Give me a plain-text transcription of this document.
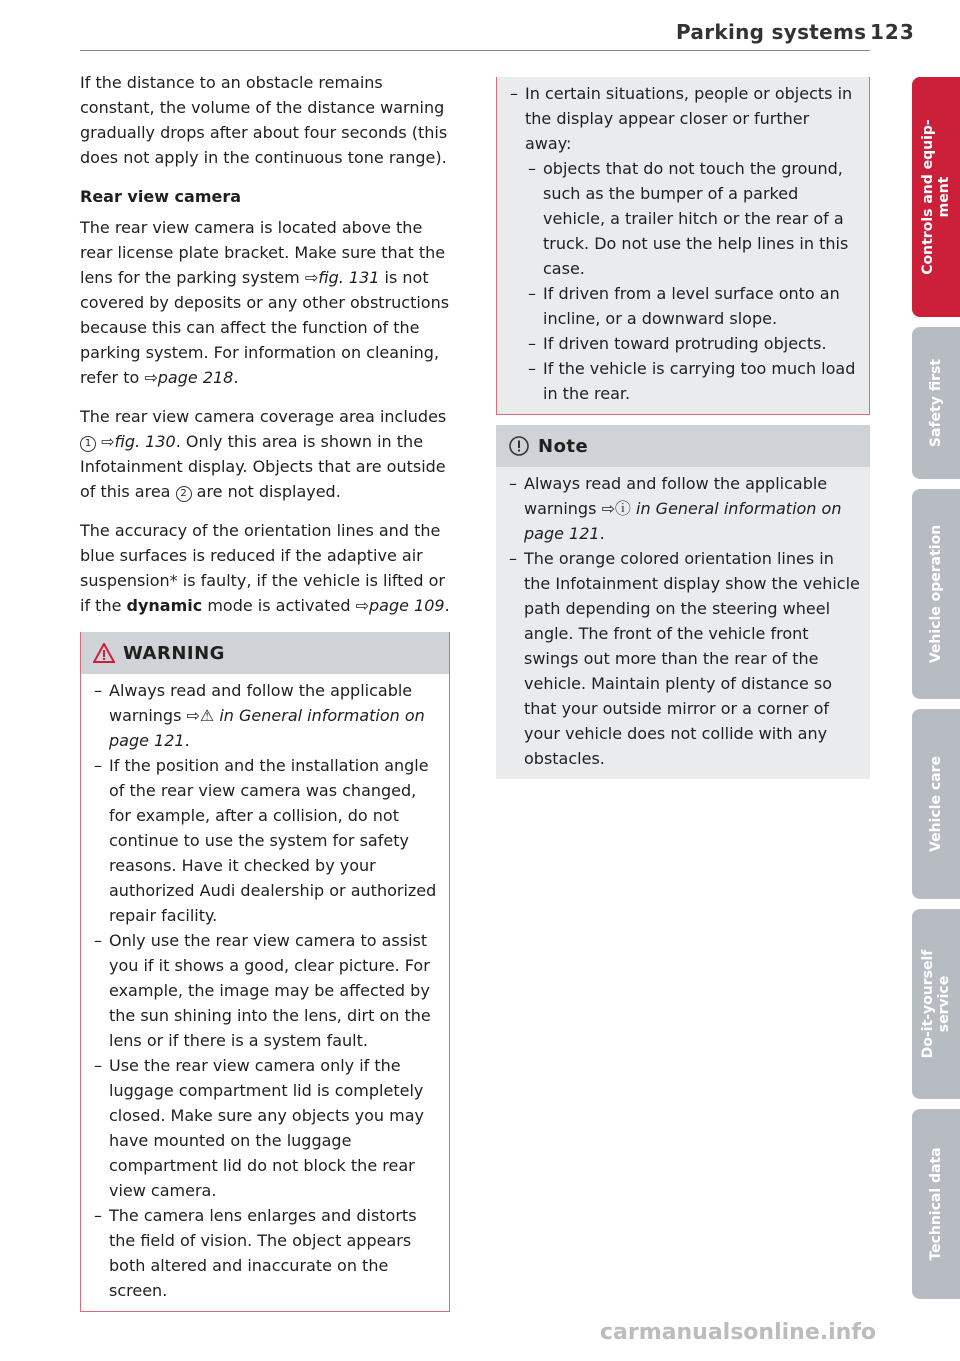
Parking systems 123

If the distance to an obstacle remains constant, the volume of the distance warning gradually drops after about four seconds (this does not apply in the continuous tone range).

Rear view camera

The rear view camera is located above the rear license plate bracket. Make sure that the lens for the parking system ⇨fig. 131 is not covered by deposits or any other obstructions because this can affect the function of the parking system. For information on cleaning, refer to ⇨page 218.

The rear view camera coverage area includes 1 ⇨fig. 130. Only this area is shown in the Infotainment display. Objects that are outside of this area 2 are not displayed.

The accuracy of the orientation lines and the blue surfaces is reduced if the adaptive air suspension* is faulty, if the vehicle is lifted or if the dynamic mode is activated ⇨page 109.

WARNING
– Always read and follow the applicable warnings ⇨⚠ in General information on page 121.
– If the position and the installation angle of the rear view camera was changed, for example, after a collision, do not continue to use the system for safety reasons. Have it checked by your authorized Audi dealership or authorized repair facility.
– Only use the rear view camera to assist you if it shows a good, clear picture. For example, the image may be affected by the sun shining into the lens, dirt on the lens or if there is a system fault.
– Use the rear view camera only if the luggage compartment lid is completely closed. Make sure any objects you may have mounted on the luggage compartment lid do not block the rear view camera.
– The camera lens enlarges and distorts the field of vision. The object appears both altered and inaccurate on the screen.
– In certain situations, people or objects in the display appear closer or further away:
– objects that do not touch the ground, such as the bumper of a parked vehicle, a trailer hitch or the rear of a truck. Do not use the help lines in this case.
– If driven from a level surface onto an incline, or a downward slope.
– If driven toward protruding objects.
– If the vehicle is carrying too much load in the rear.
Note
– Always read and follow the applicable warnings ⇨ⓘ in General information on page 121.
– The orange colored orientation lines in the Infotainment display show the vehicle path depending on the steering wheel angle. The front of the vehicle front swings out more than the rear of the vehicle. Maintain plenty of distance so that your outside mirror or a corner of your vehicle does not collide with any obstacles.
Controls and equip-
ment
Safety first
Vehicle operation
Vehicle care
Do-it-yourself
service
Technical data
carmanualsonline.info
